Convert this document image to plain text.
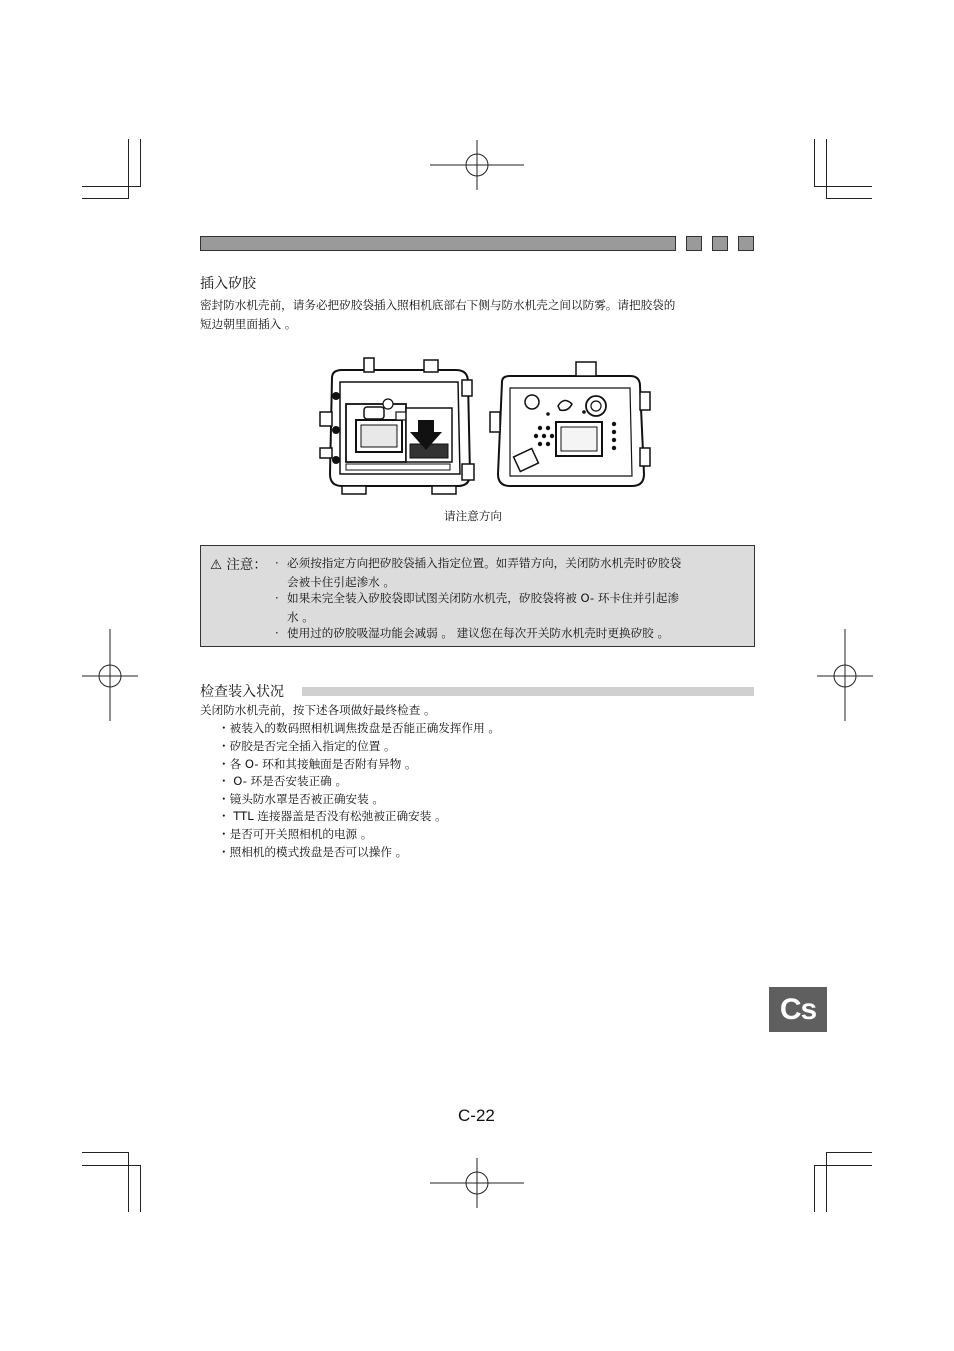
插入矽胶
密封防水机壳前，请务必把矽胶袋插入照相机底部右下侧与防水机壳之间以防雾。请把胶袋的
短边朝里面插入 。
请注意方向
⚠ 注意： · 必须按指定方向把矽胶袋插入指定位置。如弄错方向，关闭防水机壳时矽胶袋
会被卡住引起渗水 。
· 如果未完全装入矽胶袋即试图关闭防水机壳，矽胶袋将被 O- 环卡住并引起渗
水 。
· 使用过的矽胶吸湿功能会减弱 。 建议您在每次开关防水机壳时更换矽胶 。
检查装入状况
关闭防水机壳前，按下述各项做好最终检查 。
・被装入的数码照相机调焦拨盘是否能正确发挥作用 。
・矽胶是否完全插入指定的位置 。
・各 O- 环和其接触面是否附有异物 。
・ O- 环是否安装正确 。
・镜头防水罩是否被正确安装 。
・ TTL 连接器盖是否没有松弛被正确安装 。
・是否可开关照相机的电源 。
・照相机的模式拨盘是否可以操作 。
Cs
C-22
